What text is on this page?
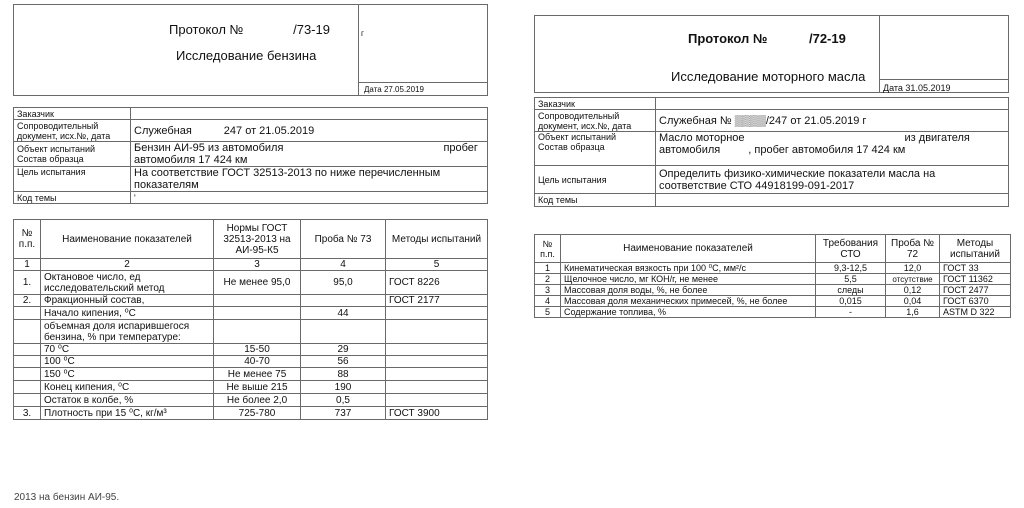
Протокол №	/73-19
Исследование бензина
г
Дата 27.05.2019
Заказчик	
Сопроводительный документ, исх.№, дата	Служебная 247 от 21.05.2019
Объект испытаний
Состав образца	Бензин АИ-95 из автомобиля пробег
автомобиля 17 424 км
Цель испытания	На соответствие ГОСТ 32513-2013 по ниже перечисленным показателям
Код темы	'
№ п.п.	Наименование показателей	Нормы ГОСТ 32513-2013 на АИ-95-К5	Проба № 73	Методы испытаний
1	2	3	4	5
1.	Октановое число, ед исследовательский метод	Не менее 95,0	95,0	ГОСТ 8226
2.	Фракционный состав,			ГОСТ 2177
	Начало кипения, ⁰С		44	
	объемная доля испарившегося бензина, % при температуре:			
	70 ⁰С	15-50	29	
	100 ⁰С	40-70	56	
	150 ⁰С	Не менее 75	88	
	Конец кипения, ⁰С	Не выше 215	190	
	Остаток в колбе, %	Не более 2,0	0,5	
3.	Плотность при 15 ⁰С, кг/м³	725-780	737	ГОСТ 3900
2013 на бензин АИ-95.
Протокол №	/72-19
Исследование моторного масла
Дата 31.05.2019
Заказчик	
Сопроводительный документ, исх.№, дата	Служебная № ▒▒▒▒/247 от 21.05.2019 г
Объект испытаний
Состав образца	Масло моторное из двигателя
автомобиля , пробег автомобиля 17 424 км
Цель испытания	Определить физико-химические показатели масла на соответствие СТО 44918199-091-2017
Код темы	
№ п.п.	Наименование показателей	Требования СТО	Проба № 72	Методы испытаний
1	Кинематическая вязкость при 100 ⁰С, мм²/с	9,3-12,5	12,0	ГОСТ 33
2	Щелочное число, мг КОН/г, не менее	5,5	отсутствие	ГОСТ 11362
3	Массовая доля воды, %, не более	следы	0,12	ГОСТ 2477
4	Массовая доля механических примесей, %, не более	0,015	0,04	ГОСТ 6370
5	Содержание топлива, %	-	1,6	ASTM D 322
